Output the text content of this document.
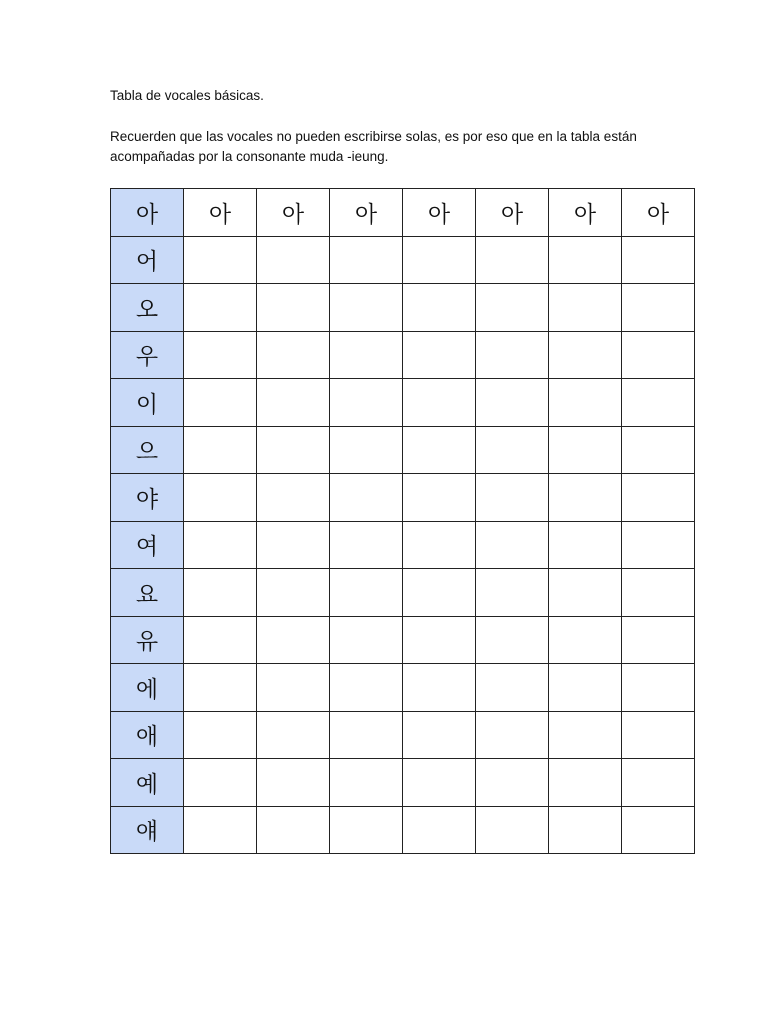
Tabla de vocales básicas.
Recuerden que las vocales no pueden escribirse solas, es por eso que en la tabla están
acompañadas por la consonante muda -ieung.
아	아	아	아	아	아	아	아
어							
오							
우							
이							
으							
야							
여							
요							
유							
에							
애							
예							
얘							
